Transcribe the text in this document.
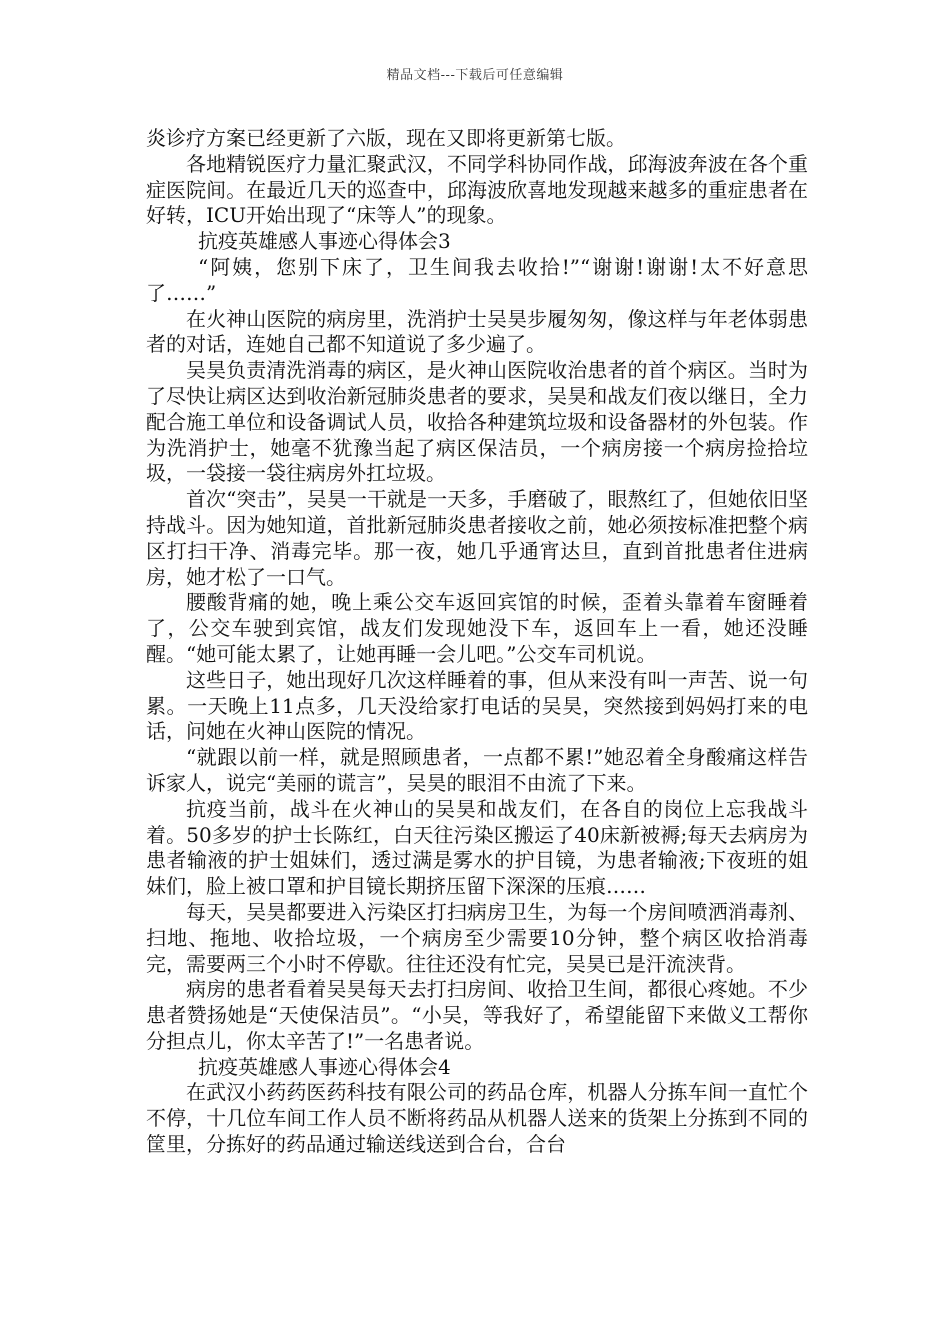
精品文档---下载后可任意编辑

炎诊疗方案已经更新了六版，现在又即将更新第七版。

各地精锐医疗力量汇聚武汉，不同学科协同作战，邱海波奔波在各个重症医院间。在最近几天的巡查中，邱海波欣喜地发现越来越多的重症患者在好转，ICU开始出现了“床等人”的现象。

抗疫英雄感人事迹心得体会3

“阿姨，您别下床了，卫生间我去收拾!”“谢谢!谢谢!太不好意思了……”

在火神山医院的病房里，洗消护士吴昊步履匆匆，像这样与年老体弱患者的对话，连她自己都不知道说了多少遍了。

吴昊负责清洗消毒的病区，是火神山医院收治患者的首个病区。当时为了尽快让病区达到收治新冠肺炎患者的要求，吴昊和战友们夜以继日，全力配合施工单位和设备调试人员，收拾各种建筑垃圾和设备器材的外包装。作为洗消护士，她毫不犹豫当起了病区保洁员，一个病房接一个病房捡拾垃圾，一袋接一袋往病房外扛垃圾。

首次“突击”，吴昊一干就是一天多，手磨破了，眼熬红了，但她依旧坚持战斗。因为她知道，首批新冠肺炎患者接收之前，她必须按标准把整个病区打扫干净、消毒完毕。那一夜，她几乎通宵达旦，直到首批患者住进病房，她才松了一口气。

腰酸背痛的她，晚上乘公交车返回宾馆的时候，歪着头靠着车窗睡着了，公交车驶到宾馆，战友们发现她没下车，返回车上一看，她还没睡醒。“她可能太累了，让她再睡一会儿吧。”公交车司机说。

这些日子，她出现好几次这样睡着的事，但从来没有叫一声苦、说一句累。一天晚上11点多，几天没给家打电话的吴昊，突然接到妈妈打来的电话，问她在火神山医院的情况。

“就跟以前一样，就是照顾患者，一点都不累!”她忍着全身酸痛这样告诉家人，说完“美丽的谎言”，吴昊的眼泪不由流了下来。

抗疫当前，战斗在火神山的吴昊和战友们，在各自的岗位上忘我战斗着。50多岁的护士长陈红，白天往污染区搬运了40床新被褥;每天去病房为患者输液的护士姐妹们，透过满是雾水的护目镜，为患者输液;下夜班的姐妹们，脸上被口罩和护目镜长期挤压留下深深的压痕……

每天，吴昊都要进入污染区打扫病房卫生，为每一个房间喷洒消毒剂、扫地、拖地、收拾垃圾，一个病房至少需要10分钟，整个病区收拾消毒完，需要两三个小时不停歇。往往还没有忙完，吴昊已是汗流浃背。

病房的患者看着吴昊每天去打扫房间、收拾卫生间，都很心疼她。不少患者赞扬她是“天使保洁员”。“小吴，等我好了，希望能留下来做义工帮你分担点儿，你太辛苦了!”一名患者说。

抗疫英雄感人事迹心得体会4

在武汉小药药医药科技有限公司的药品仓库，机器人分拣车间一直忙个不停，十几位车间工作人员不断将药品从机器人送来的货架上分拣到不同的筐里，分拣好的药品通过输送线送到合台，合台
